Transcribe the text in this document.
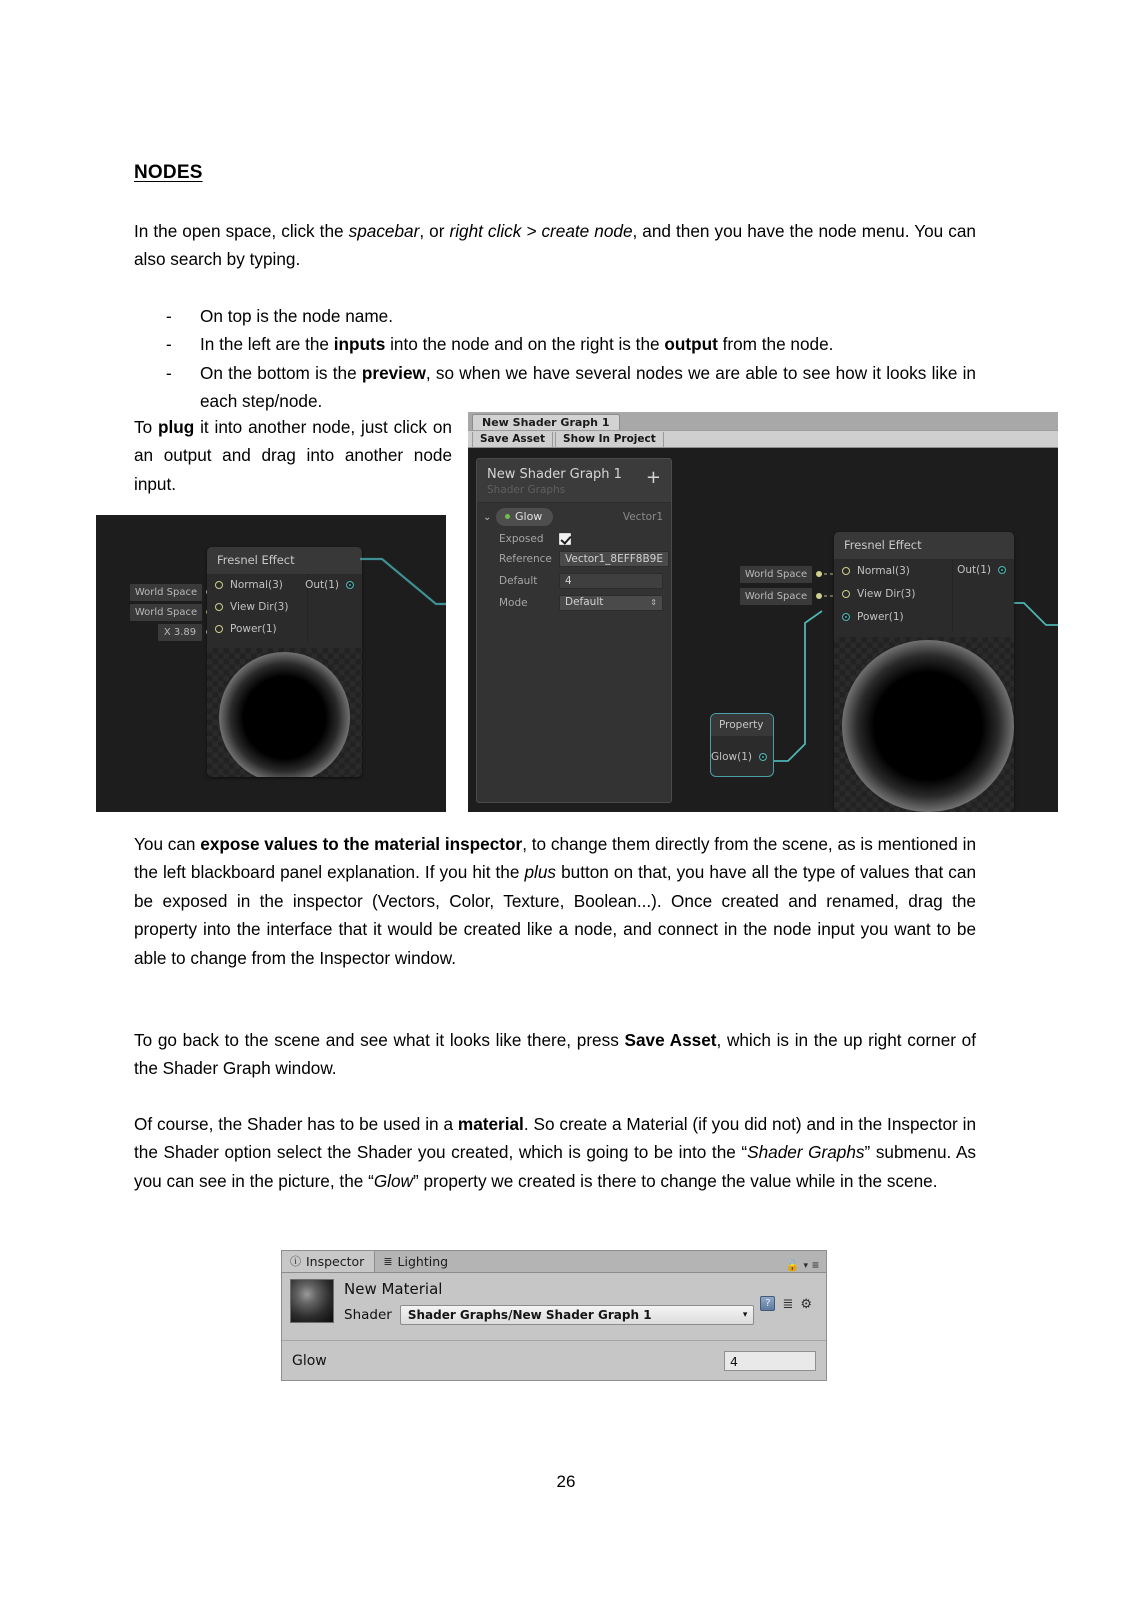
NODES
In the open space, click the spacebar, or right click > create node, and then you have the node menu. You can also search by typing.
-	On top is the node name.
-	In the left are the inputs into the node and on the right is the output from the node.
-	On the bottom is the preview, so when we have several nodes we are able to see how it looks like in each step/node.
To plug it into another node, just click on an output and drag into another node input.
World Space
World Space
X 3.89
Fresnel Effect
Normal(3)
View Dir(3)
Power(1)
Out(1)
New Shader Graph 1
Save Asset	Show In Project
New Shader Graph 1
Shader Graphs
+
⌄	Glow	Vector1
Exposed
Reference	Vector1_8EFF8B9E
Default	4
Mode	Default	⇕
Property
Glow(1)
World Space
World Space
Fresnel Effect
Normal(3)
View Dir(3)
Power(1)
Out(1)
You can expose values to the material inspector, to change them directly from the scene, as is mentioned in the left blackboard panel explanation. If you hit the plus button on that, you have all the type of values that can be exposed in the inspector (Vectors, Color, Texture, Boolean...). Once created and renamed, drag the property into the interface that it would be created like a node, and connect in the node input you want to be able to change from the Inspector window.
To go back to the scene and see what it looks like there, press Save Asset, which is in the up right corner of the Shader Graph window.
Of course, the Shader has to be used in a material. So create a Material (if you did not) and in the Inspector in the Shader option select the Shader you created, which is going to be into the “Shader Graphs” submenu. As you can see in the picture, the “Glow” property we created is there to change the value while in the scene.
ⓘ Inspector ≣ Lighting	🔓 ▾ ≡
New Material
Shader Shader Graphs/New Shader Graph 1	▾
?
≣ ⚙
Glow	4
26
